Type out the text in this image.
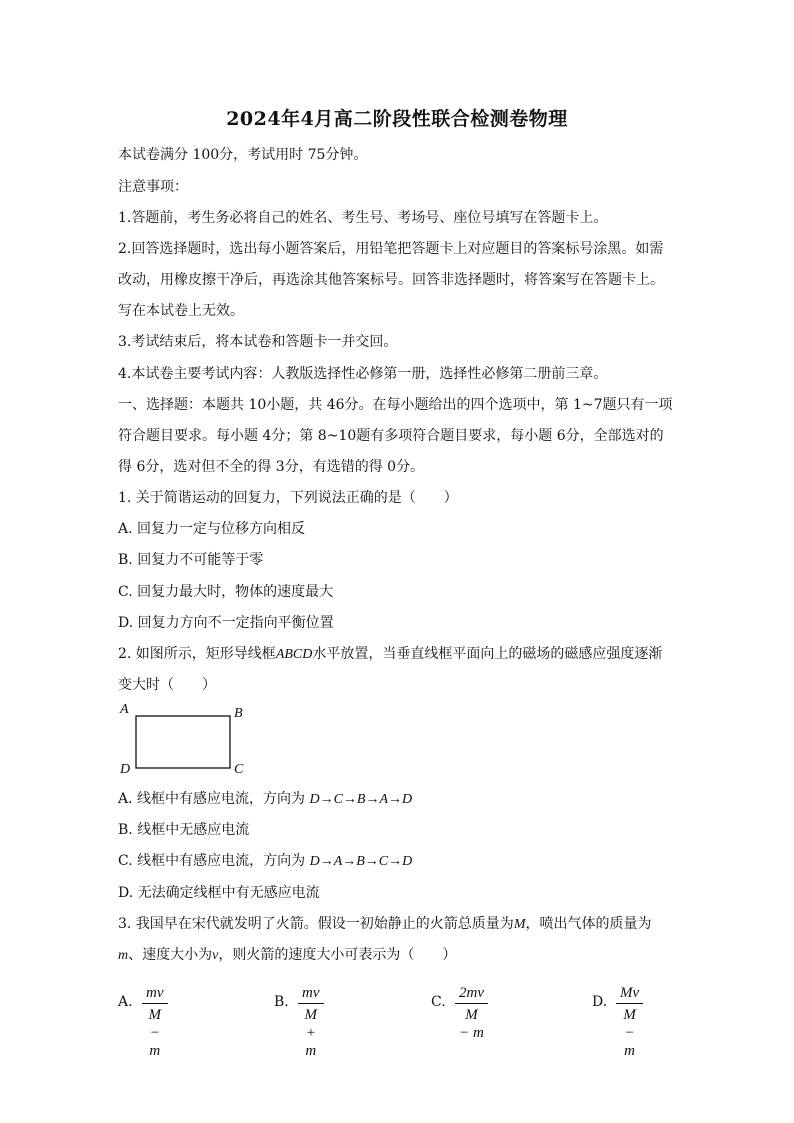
2024年4月高二阶段性联合检测卷物理
本试卷满分 100分，考试用时 75分钟。
注意事项：
1.答题前，考生务必将自己的姓名、考生号、考场号、座位号填写在答题卡上。
2.回答选择题时，选出每小题答案后，用铅笔把答题卡上对应题目的答案标号涂黑。如需
改动，用橡皮擦干净后，再选涂其他答案标号。回答非选择题时，将答案写在答题卡上。
写在本试卷上无效。
3.考试结束后，将本试卷和答题卡一并交回。
4.本试卷主要考试内容：人教版选择性必修第一册，选择性必修第二册前三章。
一、选择题：本题共 10小题，共 46分。在每小题给出的四个选项中，第 1~7题只有一项
符合题目要求。每小题 4分；第 8~10题有多项符合题目要求，每小题 6分，全部选对的
得 6分，选对但不全的得 3分，有选错的得 0分。
1. 关于简谐运动的回复力，下列说法正确的是（　　）
A. 回复力一定与位移方向相反
B. 回复力不可能等于零
C. 回复力最大时，物体的速度最大
D. 回复力方向不一定指向平衡位置
2. 如图所示，矩形导线框ABCD水平放置，当垂直线框平面向上的磁场的磁感应强度逐渐
变大时（　　）
A	B
C
D
A. 线框中有感应电流，方向为 D→C→B→A→D
B. 线框中无感应电流
C. 线框中有感应电流，方向为 D→A→B→C→D
D. 无法确定线框中有无感应电流
3. 我国早在宋代就发明了火箭。假设一初始静止的火箭总质量为M，喷出气体的质量为
m、速度大小为v，则火箭的速度大小可表示为（　　）
A.
mv
M − m
B.
mv
M + m
C.
2mv
M − m
D.
Mv
M − m
